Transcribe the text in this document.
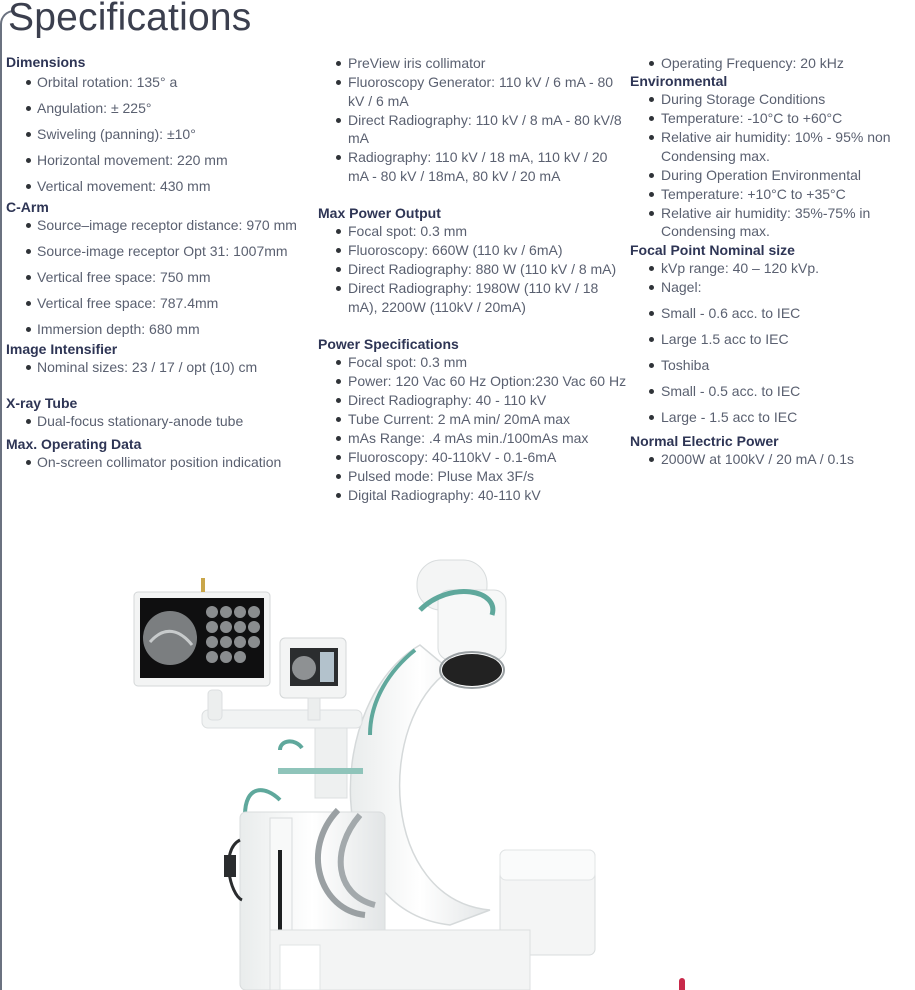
Specifications
Dimensions
Orbital rotation: 135° a
Angulation: ± 225°
Swiveling (panning): ±10°
Horizontal movement: 220 mm
Vertical movement: 430 mm
C-Arm
Source–image receptor distance: 970 mm
Source-image receptor Opt 31: 1007mm
Vertical free space: 750 mm
Vertical free space: 787.4mm
Immersion depth: 680 mm
Image Intensifier
Nominal sizes: 23 / 17 / opt (10) cm
X-ray Tube
Dual-focus stationary-anode tube
Max. Operating Data
On-screen collimator position indication
PreView iris collimator
Fluoroscopy Generator: 110 kV / 6 mA - 80 kV / 6 mA
Direct Radiography: 110 kV / 8 mA - 80 kV/8 mA
Radiography: 110 kV / 18 mA, 110 kV / 20 mA - 80 kV / 18mA, 80 kV / 20 mA
Max Power Output
Focal spot: 0.3 mm
Fluoroscopy: 660W (110 kv / 6mA)
Direct Radiography: 880 W (110 kV / 8 mA)
Direct Radiography: 1980W (110 kV / 18 mA), 2200W (110kV / 20mA)
Power Specifications
Focal spot: 0.3 mm
Power: 120 Vac 60 Hz Option:230 Vac 60 Hz
Direct Radiography: 40 - 110 kV
Tube Current: 2 mA min/ 20mA max
mAs Range: .4 mAs min./100mAs max
Fluoroscopy: 40-110kV - 0.1-6mA
Pulsed mode: Pluse Max 3F/s
Digital Radiography: 40-110 kV
Operating Frequency: 20 kHz
Environmental
During Storage Conditions
Temperature: -10°C to +60°C
Relative air humidity: 10% - 95% non Condensing max.
During Operation Environmental
Temperature: +10°C to +35°C
Relative air humidity: 35%-75% in Condensing max.
Focal Point Nominal size
kVp range: 40 – 120 kVp.
Nagel:
Small - 0.6 acc. to IEC
Large 1.5 acc to IEC
Toshiba
Small - 0.5 acc. to IEC
Large - 1.5 acc to IEC
Normal Electric Power
2000W at 100kV / 20 mA / 0.1s
